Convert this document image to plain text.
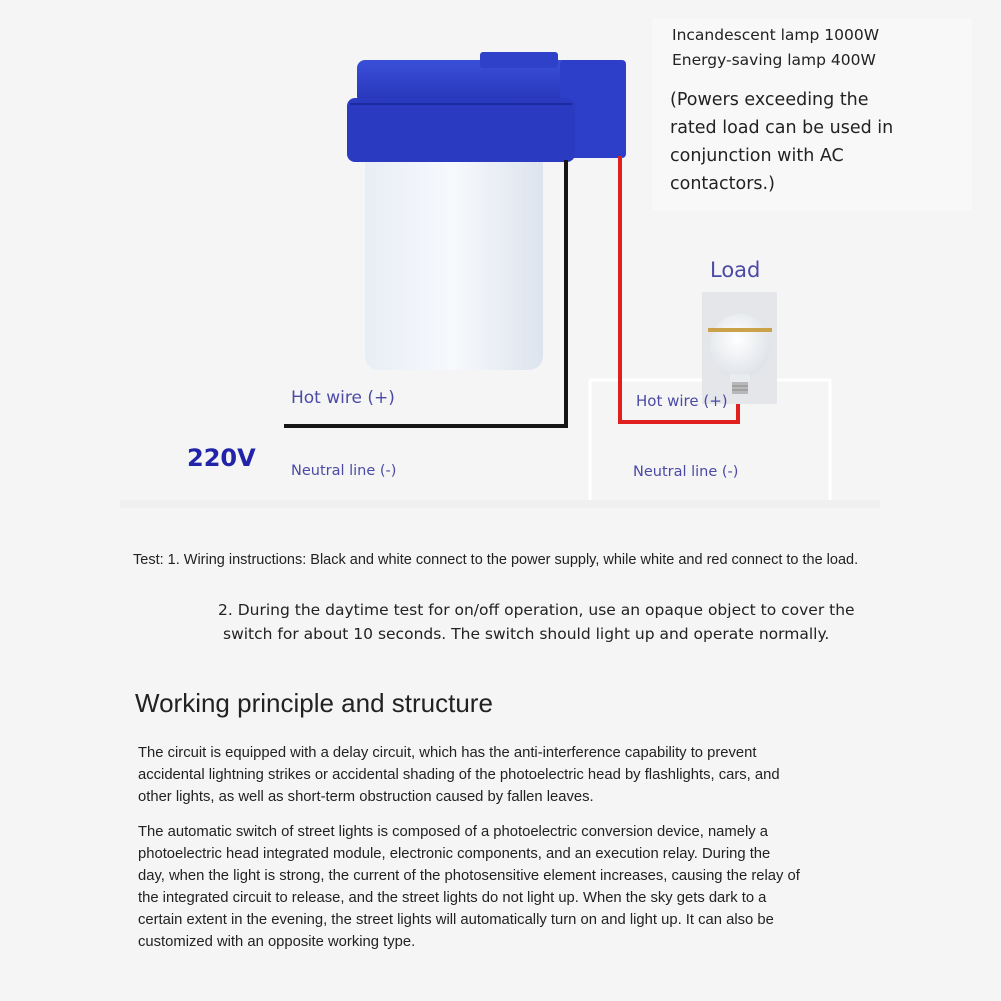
Incandescent lamp 1000W
Energy-saving lamp 400W
(Powers exceeding the
rated load can be used in
conjunction with AC
contactors.)
Load
Hot wire (+)	Hot wire (+)
Neutral line (-)	Neutral line (-)
220V
Test: 1. Wiring instructions: Black and white connect to the power supply, while white and red connect to the load.
2. During the daytime test for on/off operation, use an opaque object to cover the
switch for about 10 seconds. The switch should light up and operate normally.
Working principle and structure
The circuit is equipped with a delay circuit, which has the anti-interference capability to prevent
accidental lightning strikes or accidental shading of the photoelectric head by flashlights, cars, and
other lights, as well as short-term obstruction caused by fallen leaves.
The automatic switch of street lights is composed of a photoelectric conversion device, namely a
photoelectric head integrated module, electronic components, and an execution relay. During the
day, when the light is strong, the current of the photosensitive element increases, causing the relay of
the integrated circuit to release, and the street lights do not light up. When the sky gets dark to a
certain extent in the evening, the street lights will automatically turn on and light up. It can also be
customized with an opposite working type.
